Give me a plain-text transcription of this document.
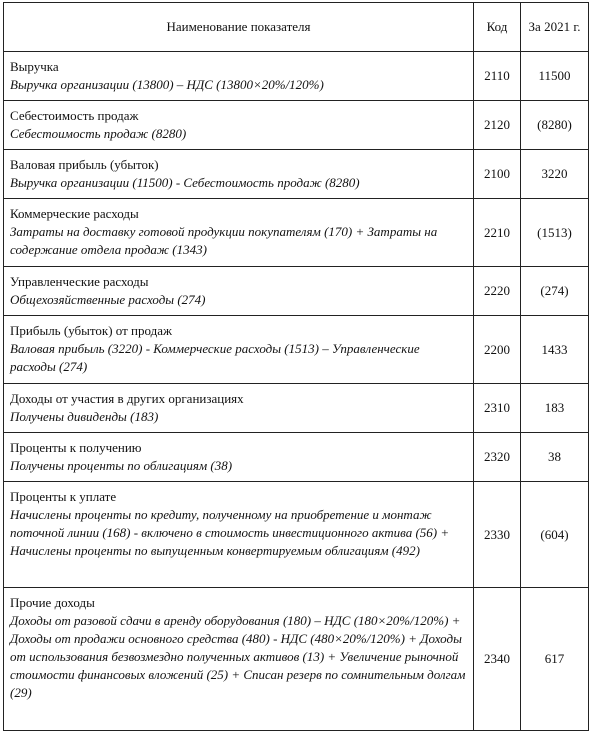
Наименование показателя	Код	За 2021 г.

Выручка
Выручка организации (13800) – НДС (13800×20%/120%)	2110	11500

Себестоимость продаж
Себестоимость продаж (8280)	2120	(8280)

Валовая прибыль (убыток)
Выручка организации (11500) - Себестоимость продаж (8280)	2100	3220

Коммерческие расходы
Затраты на доставку готовой продукции покупателям (170) + Затраты на содержание отдела продаж (1343)	2210	(1513)

Управленческие расходы
Общехозяйственные расходы (274)	2220	(274)

Прибыль (убыток) от продаж
Валовая прибыль (3220) - Коммерческие расходы (1513) – Управленческие расходы (274)	2200	1433

Доходы от участия в других организациях
Получены дивиденды (183)	2310	183

Проценты к получению
Получены проценты по облигациям (38)	2320	38

Проценты к уплате
Начислены проценты по кредиту, полученному на приобретение и монтаж поточной линии (168) - включено в стоимость инвестиционного актива (56) + Начислены проценты по выпущенным конвертируемым облигациям (492)	2330	(604)

Прочие доходы
Доходы от разовой сдачи в аренду оборудования (180) – НДС (180×20%/120%) + Доходы от продажи основного средства (480) - НДС (480×20%/120%) + Доходы от использования безвозмездно полученных активов (13) + Увеличение рыночной стоимости финансовых вложений (25) + Списан резерв по сомнительным долгам (29)	2340	617
